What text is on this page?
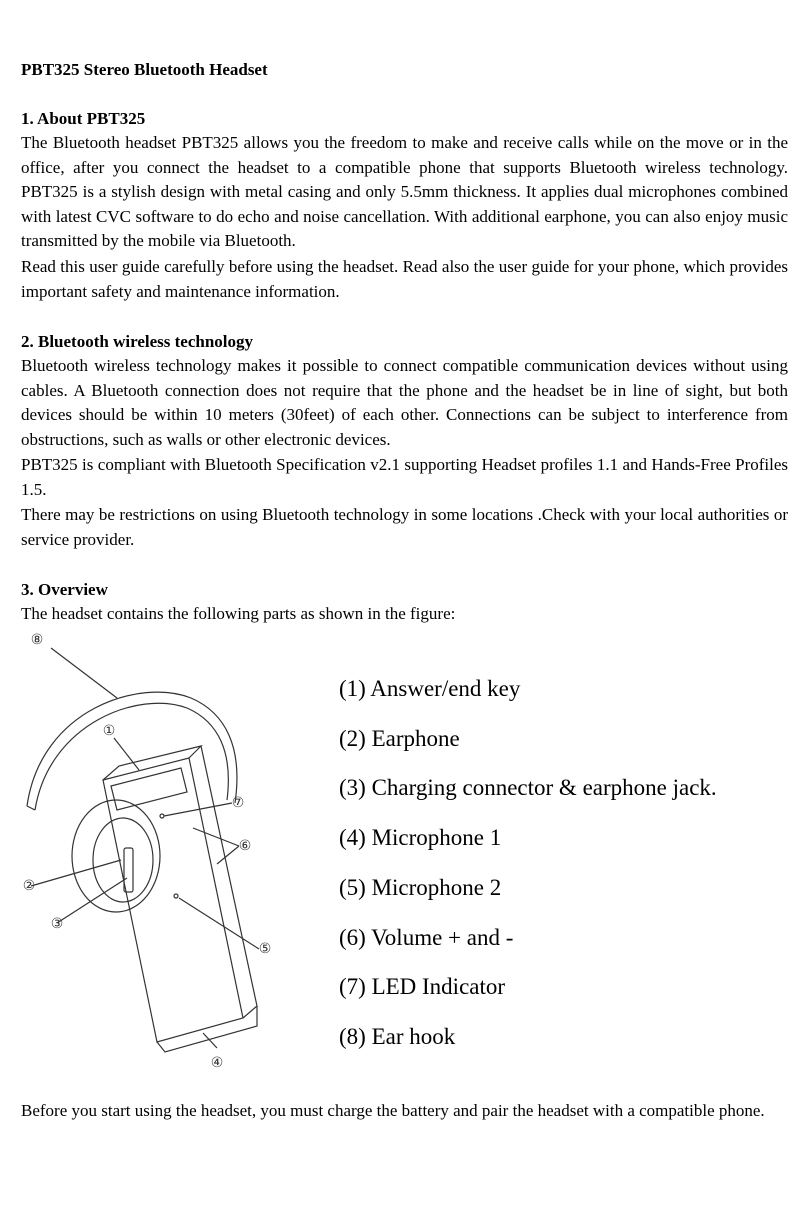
PBT325 Stereo Bluetooth Headset
1. About PBT325

The Bluetooth headset PBT325 allows you the freedom to make and receive calls while on the move or in the office, after you connect the headset to a compatible phone that supports Bluetooth wireless technology. PBT325 is a stylish design with metal casing and only 5.5mm thickness. It applies dual microphones combined with latest CVC software to do echo and noise cancellation. With additional earphone, you can also enjoy music transmitted by the mobile via Bluetooth.

Read this user guide carefully before using the headset. Read also the user guide for your phone, which provides important safety and maintenance information.

2. Bluetooth wireless technology

Bluetooth wireless technology makes it possible to connect compatible communication devices without using cables. A Bluetooth connection does not require that the phone and the headset be in line of sight, but both devices should be within 10 meters (30feet) of each other. Connections can be subject to interference from obstructions, such as walls or other electronic devices.

PBT325 is compliant with Bluetooth Specification v2.1 supporting Headset profiles 1.1 and Hands-Free Profiles 1.5.

There may be restrictions on using Bluetooth technology in some locations .Check with your local authorities or service provider.

3. Overview

The headset contains the following parts as shown in the figure:

①
②
③
④
⑤
⑥
⑦
⑧
(1) Answer/end key
(2) Earphone
(3) Charging connector & earphone jack.
(4) Microphone 1
(5) Microphone 2
(6) Volume + and -
(7) LED Indicator
(8) Ear hook

Before you start using the headset, you must charge the battery and pair the headset with a compatible phone.
